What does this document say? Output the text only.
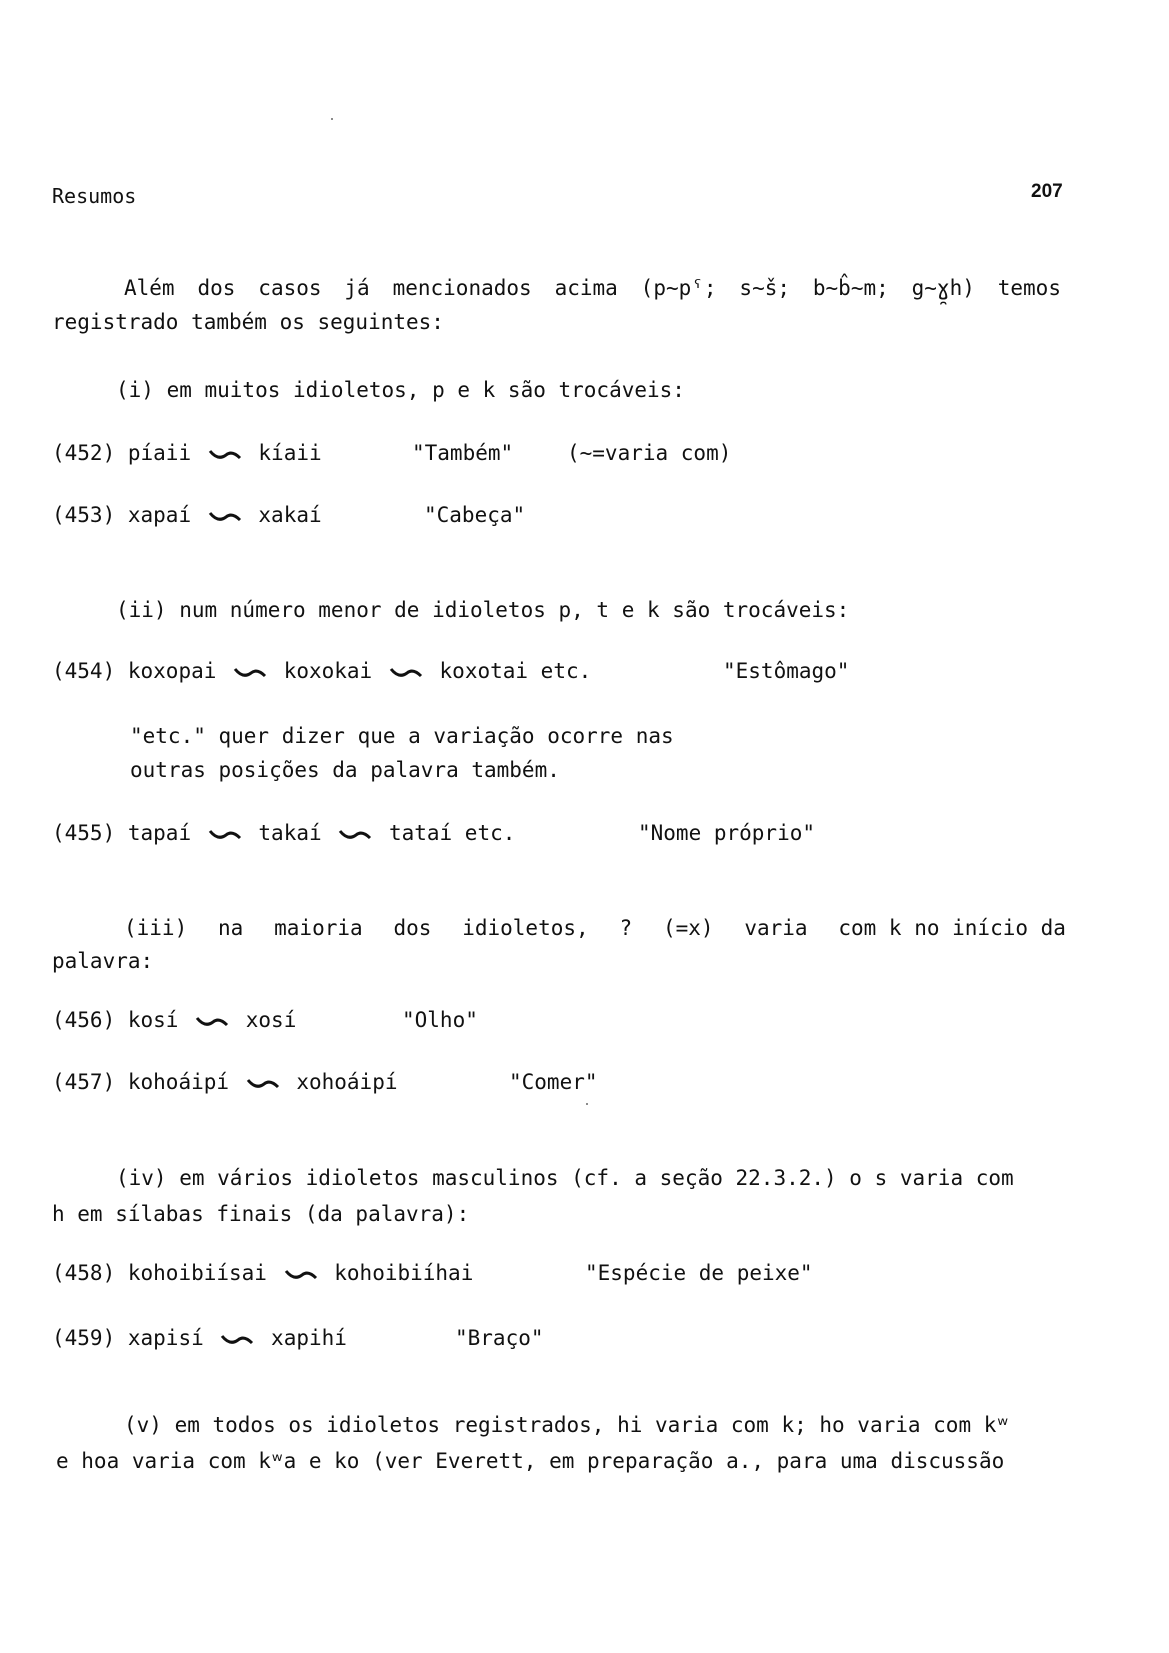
Resumos	207
Além dos casos já mencionados acima (p~pˤ; s~š; b~b̂~m; g~ɣ̯h) temos
registrado também os seguintes:
(i) em muitos idioletos, p e k são trocáveis:
(452) píaii	kíaii	"Também"	(~=varia com)
(453) xapaí	xakaí	"Cabeça"
(ii) num número menor de idioletos p, t e k são trocáveis:
(454) koxopai	koxokai	koxotai etc.	"Estômago"
"etc." quer dizer que a variação ocorre nas
outras posições da palavra também.
(455) tapaí	takaí	tataí etc.	"Nome próprio"
(iii) na maioria dos idioletos, ? (=x) varia com k no início da
palavra:
(456) kosí	xosí	"Olho"
(457) kohoáipí	xohoáipí	"Comer"
(iv) em vários idioletos masculinos (cf. a seção 22.3.2.) o s varia com
h em sílabas finais (da palavra):
(458) kohoibiísai	kohoibiíhai	"Espécie de peixe"
(459) xapisí	xapihí	"Braço"
(v) em todos os idioletos registrados, hi varia com k; ho varia com kʷ
e hoa varia com kʷa e ko (ver Everett, em preparação a., para uma discussão
